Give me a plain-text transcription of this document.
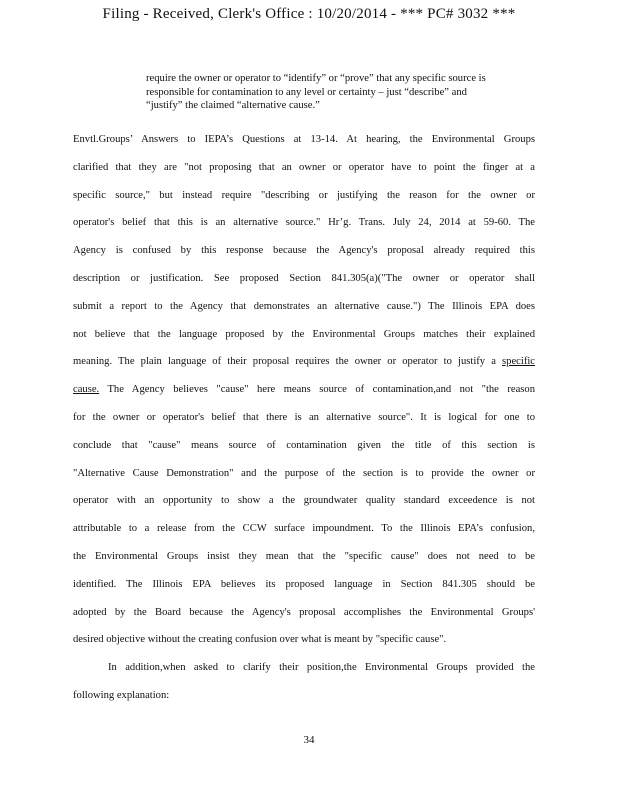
Filing - Received, Clerk's Office : 10/20/2014 - *** PC# 3032 ***
require the owner or operator to “identify” or “prove” that any specific source is
responsible for contamination to any level or certainty – just “describe” and
“justify” the claimed “alternative cause.”
Envtl.Groups’ Answers to IEPA’s Questions at 13-14. At hearing, the Environmental Groups
clarified that they are "not proposing that an owner or operator have to point the finger at a
specific source," but instead require "describing or justifying the reason for the owner or
operator's belief that this is an alternative source." Hr’g. Trans. July 24, 2014 at 59-60. The
Agency is confused by this response because the Agency's proposal already required this
description or justification. See proposed Section 841.305(a)("The owner or operator shall
submit a report to the Agency that demonstrates an alternative cause.") The Illinois EPA does
not believe that the language proposed by the Environmental Groups matches their explained
meaning. The plain language of their proposal requires the owner or operator to justify a specific
cause. The Agency believes "cause" here means source of contamination,and not "the reason
for the owner or operator's belief that there is an alternative source". It is logical for one to
conclude that "cause" means source of contamination given the title of this section is
"Alternative Cause Demonstration" and the purpose of the section is to provide the owner or
operator with an opportunity to show a the groundwater quality standard exceedence is not
attributable to a release from the CCW surface impoundment. To the Illinois EPA’s confusion,
the Environmental Groups insist they mean that the "specific cause" does not need to be
identified. The Illinois EPA believes its proposed language in Section 841.305 should be
adopted by the Board because the Agency's proposal accomplishes the Environmental Groups'
desired objective without the creating confusion over what is meant by "specific cause".
In addition,when asked to clarify their position,the Environmental Groups provided the
following explanation:
34
